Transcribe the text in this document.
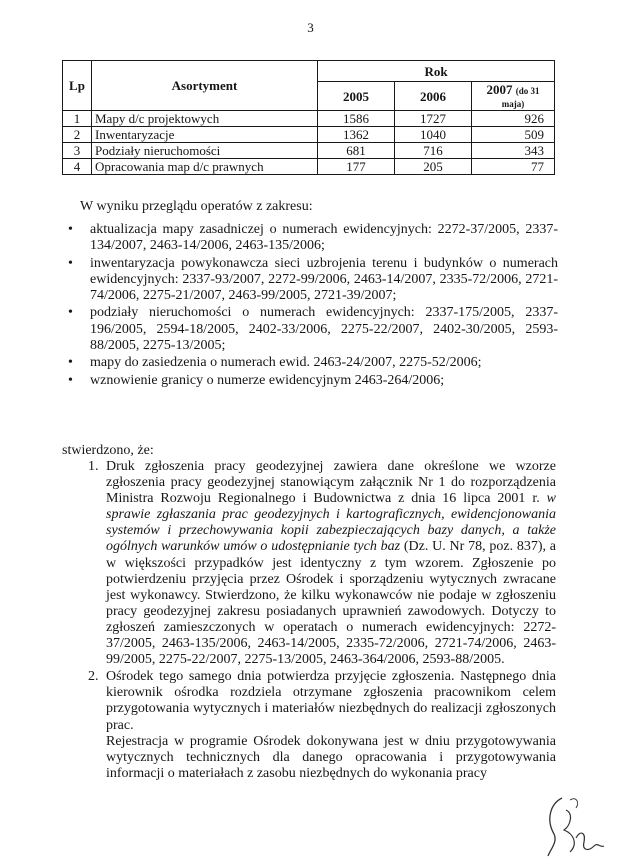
3
Lp	Asortyment	Rok		
		2005	2006	2007 (do 31 maja)
1	Mapy d/c projektowych	1586	1727	926
2	Inwentaryzacje	1362	1040	509
3	Podziały nieruchomości	681	716	343
4	Opracowania map d/c prawnych	177	205	77
W wyniku przeglądu operatów z zakresu:
• aktualizacja mapy zasadniczej o numerach ewidencyjnych: 2272-37/2005, 2337-134/2007, 2463-14/2006, 2463-135/2006;
• inwentaryzacja powykonawcza sieci uzbrojenia terenu i budynków o numerach ewidencyjnych: 2337-93/2007, 2272-99/2006, 2463-14/2007, 2335-72/2006, 2721-74/2006, 2275-21/2007, 2463-99/2005, 2721-39/2007;
• podziały nieruchomości o numerach ewidencyjnych: 2337-175/2005, 2337-196/2005, 2594-18/2005, 2402-33/2006, 2275-22/2007, 2402-30/2005, 2593-88/2005, 2275-13/2005;
• mapy do zasiedzenia o numerach ewid. 2463-24/2007, 2275-52/2006;
• wznowienie granicy o numerze ewidencyjnym 2463-264/2006;
stwierdzono, że:
1. Druk zgłoszenia pracy geodezyjnej zawiera dane określone we wzorze zgłoszenia pracy geodezyjnej stanowiącym załącznik Nr 1 do rozporządzenia Ministra Rozwoju Regionalnego i Budownictwa z dnia 16 lipca 2001 r. w sprawie zgłaszania prac geodezyjnych i kartograficznych, ewidencjonowania systemów i przechowywania kopii zabezpieczających bazy danych, a także ogólnych warunków umów o udostępnianie tych baz (Dz. U. Nr 78, poz. 837), a w większości przypadków jest identyczny z tym wzorem. Zgłoszenie po potwierdzeniu przyjęcia przez Ośrodek i sporządzeniu wytycznych zwracane jest wykonawcy. Stwierdzono, że kilku wykonawców nie podaje w zgłoszeniu pracy geodezyjnej zakresu posiadanych uprawnień zawodowych. Dotyczy to zgłoszeń zamieszczonych w operatach o numerach ewidencyjnych: 2272-37/2005, 2463-135/2006, 2463-14/2005, 2335-72/2006, 2721-74/2006, 2463-99/2005, 2275-22/2007, 2275-13/2005, 2463-364/2006, 2593-88/2005.

2. Ośrodek tego samego dnia potwierdza przyjęcie zgłoszenia. Następnego dnia kierownik ośrodka rozdziela otrzymane zgłoszenia pracownikom celem przygotowania wytycznych i materiałów niezbędnych do realizacji zgłoszonych prac.

Rejestracja w programie Ośrodek dokonywana jest w dniu przygotowywania wytycznych technicznych dla danego opracowania i przygotowywania informacji o materiałach z zasobu niezbędnych do wykonania pracy
